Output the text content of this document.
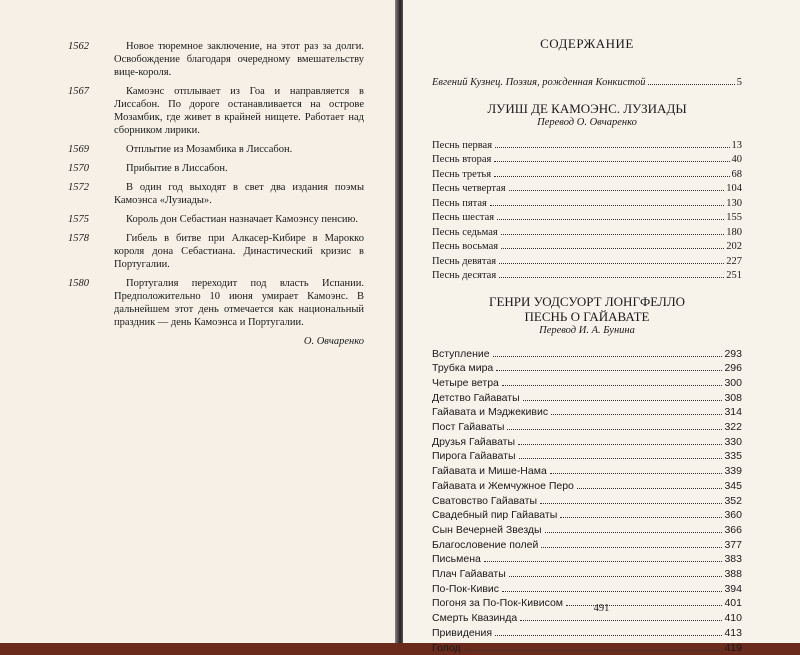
1562	Новое тюремное заключение, на этот раз за долги. Освобождение благодаря очередному вмешательству вице-короля.
1567	Камоэнс отплывает из Гоа и направляется в Лиссабон. По дороге останавливается на острове Мозамбик, где живет в крайней нищете. Работает над сборником лирики.
1569	Отплытие из Мозамбика в Лиссабон.
1570	Прибытие в Лиссабон.
1572	В один год выходят в свет два издания поэмы Камоэнса «Лузиады».
1575	Король дон Себастиан назначает Камоэнсу пенсию.
1578	Гибель в битве при Алкасер-Кибире в Марокко короля дона Себастиана. Династический кризис в Португалии.
1580	Португалия переходит под власть Испании. Предположительно 10 июня умирает Камоэнс. В дальнейшем этот день отмечается как национальный праздник — день Камоэнса и Португалии.
О. Овчаренко
СОДЕРЖАНИЕ
Евгений Кузнец. Поэзия, рожденная Конкистой	5
ЛУИШ ДЕ КАМОЭНС. ЛУЗИАДЫ
Перевод О. Овчаренко
Песнь первая	13
Песнь вторая	40
Песнь третья	68
Песнь четвертая	104
Песнь пятая	130
Песнь шестая	155
Песнь седьмая	180
Песнь восьмая	202
Песнь девятая	227
Песнь десятая	251
ГЕНРИ УОДСУОРТ ЛОНГФЕЛЛО
ПЕСНЬ О ГАЙАВАТЕ
Перевод И. А. Бунина
Вступление	293
Трубка мира	296
Четыре ветра	300
Детство Гайаваты	308
Гайавата и Мэджекивис	314
Пост Гайаваты	322
Друзья Гайаваты	330
Пирога Гайаваты	335
Гайавата и Мише-Нама	339
Гайавата и Жемчужное Перо	345
Сватовство Гайаваты	352
Свадебный пир Гайаваты	360
Сын Вечерней Звезды	366
Благословение полей	377
Письмена	383
Плач Гайаваты	388
По-Пок-Кивис	394
Погоня за По-Пок-Кивисом	401
Смерть Квазинда	410
Привидения	413
Голод	419
491
